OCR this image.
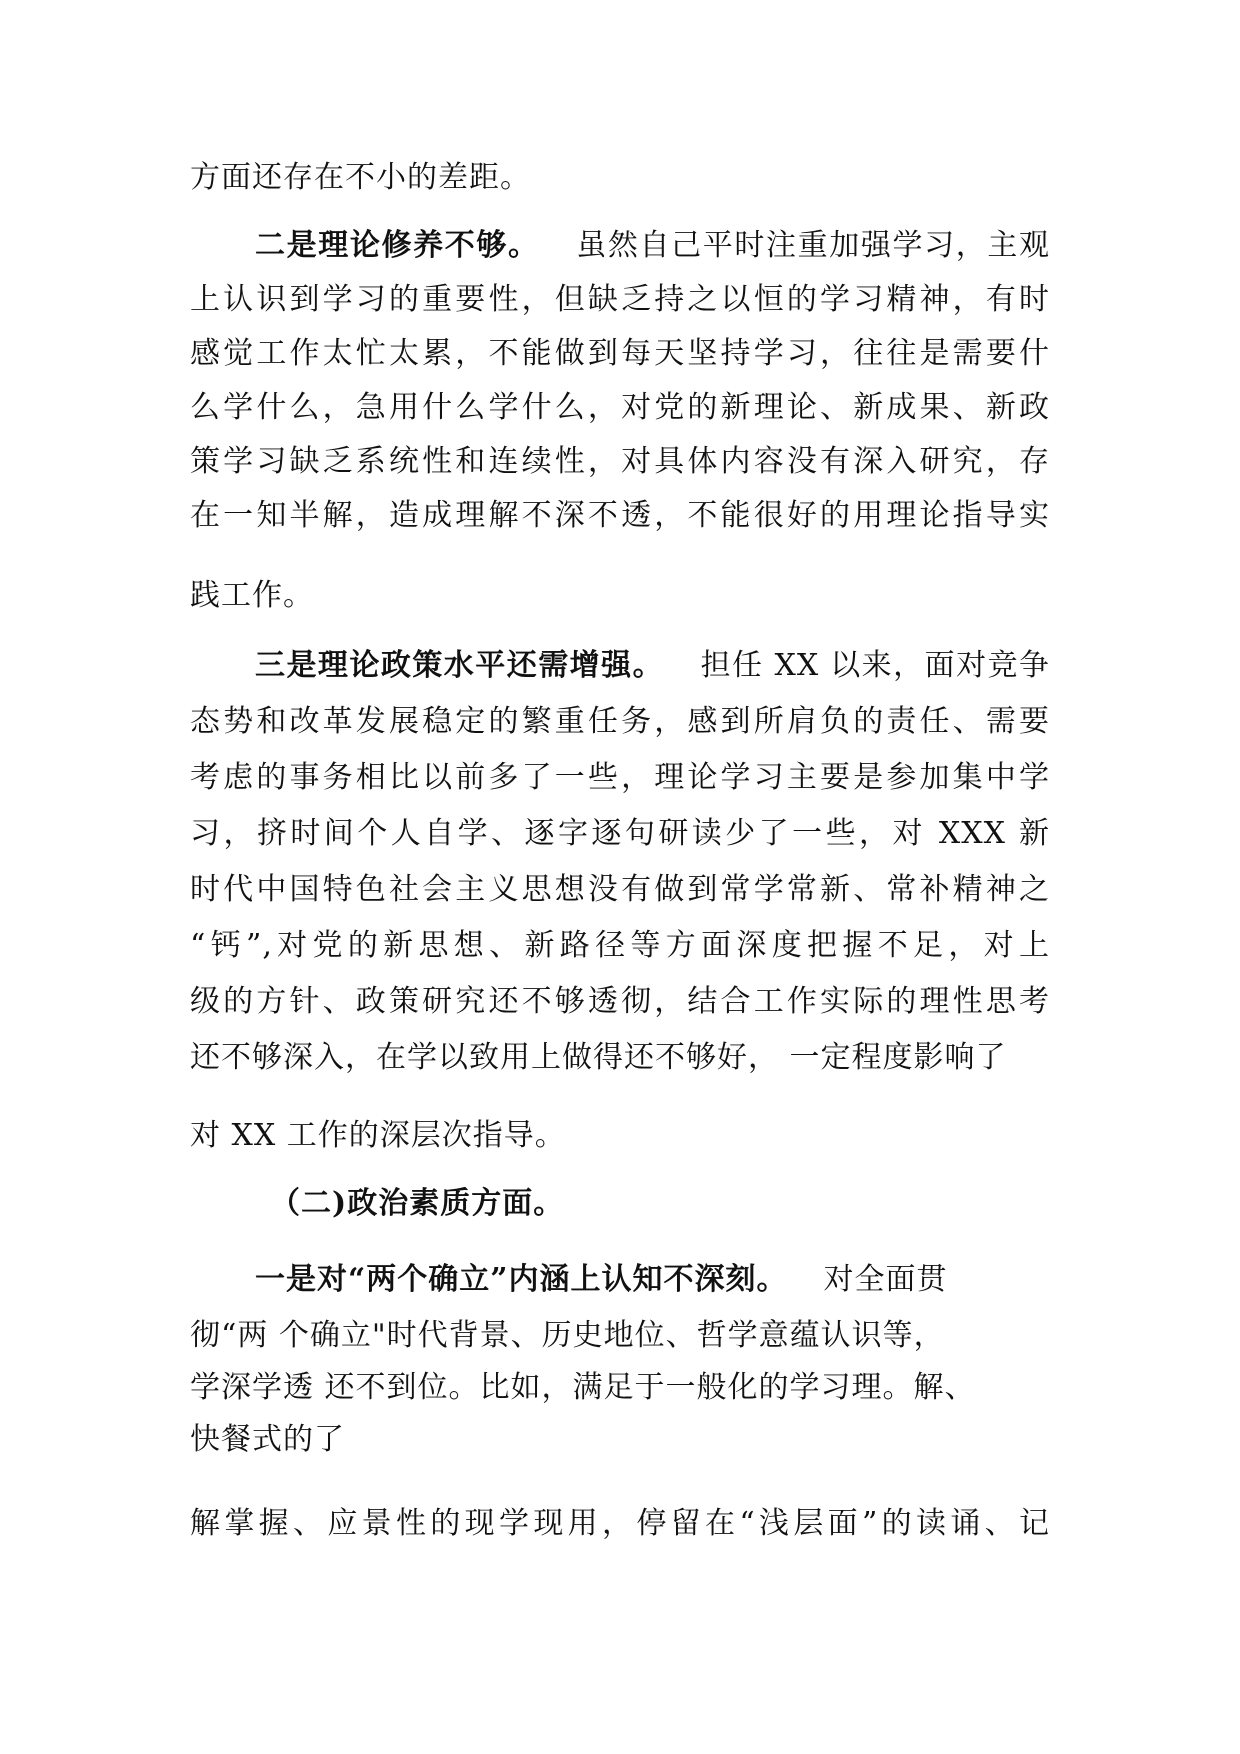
方面还存在不小的差距。
二是理论修养不够。 虽然自己平时注重加强学习，主观
上认识到学习的重要性，但缺乏持之以恒的学习精神，有时
感觉工作太忙太累，不能做到每天坚持学习，往往是需要什
么学什么，急用什么学什么，对党的新理论、新成果、新政
策学习缺乏系统性和连续性，对具体内容没有深入研究，存
在一知半解，造成理解不深不透，不能很好的用理论指导实
践工作。
三是理论政策水平还需增强。 担任 XX 以来，面对竞争
态势和改革发展稳定的繁重任务，感到所肩负的责任、需要
考虑的事务相比以前多了一些，理论学习主要是参加集中学
习，挤时间个人自学、逐字逐句研读少了一些，对 XXX 新
时代中国特色社会主义思想没有做到常学常新、常补精神之
“钙”,对党的新思想、新路径等方面深度把握不足，对上
级的方针、政策研究还不够透彻，结合工作实际的理性思考
还不够深入，在学以致用上做得还不够好， 一定程度影响了
对 XX 工作的深层次指导。
（二)政治素质方面。
一是对“两个确立”内涵上认知不深刻。 对全面贯
彻“两 个确立"时代背景、历史地位、哲学意蕴认识等，
学深学透 还不到位。比如，满足于一般化的学习理。解、
快餐式的了
解掌握、应景性的现学现用，停留在“浅层面”的读诵、记
